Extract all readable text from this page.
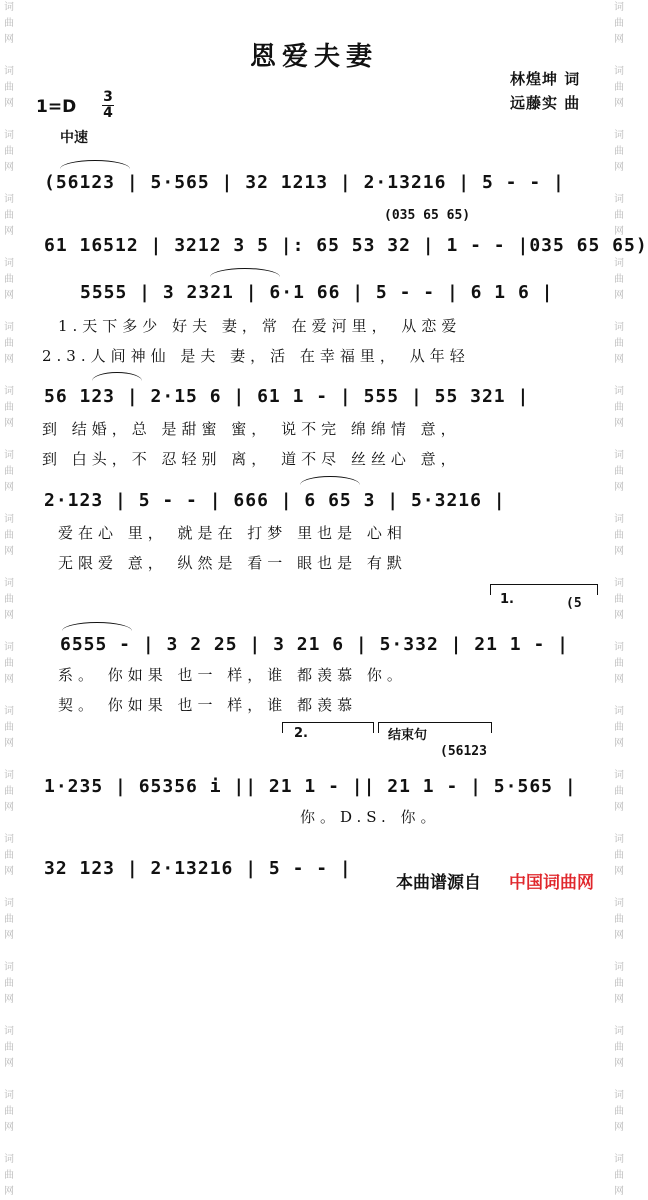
词
曲
网

词
曲
网

词
曲
网

词
曲
网

词
曲
网

词
曲
网

词
曲
网

词
曲
网

词
曲
网

词
曲
网

词
曲
网

词
曲
网

词
曲
网

词
曲
网

词
曲
网

词
曲
网

词
曲
网

词
曲
网

词
曲
网

词
曲
网

词
曲
网

词
曲
网

词
曲
网

词
曲
网

词
曲
网

词
曲
网

词
曲
网

词
曲
网

词
曲
网

词
曲
网

词
曲
网

词
曲
网

词
曲
网

词
曲
网

词
曲
网

词
曲
网

词
曲
网

词
曲
网

恩爱夫妻
林煌坤 词
远藤实 曲
1=D 3
4
中速
(56123 | 5·565 | 32 1213 | 2·13216 | 5 - - |
(035 65 65)
61 16512 | 3212 3 5 |: 65 53 32 | 1 - - |035 65 65)
5555 | 3 2321 | 6·1 66 | 5 - - | 6 1 6 |
1.天下多少 好夫 妻，常 在爱河里， 从恋爱
2.3.人间神仙 是夫 妻，活 在幸福里， 从年轻
56 123 | 2·15 6 | 61 1 - | 555 | 55 321 |
到 结婚，总 是甜蜜 蜜， 说不完 绵绵情 意，
到 白头，不 忍轻别 离， 道不尽 丝丝心 意，
2·123 | 5 - - | 666 | 6 65 3 | 5·3216 |
爱在心 里， 就是在 打梦 里也是 心相
无限爱 意， 纵然是 看一 眼也是 有默
1.	(5
6555 - | 3 2 25 | 3 21 6 | 5·332 | 21 1 - |
系。 你如果 也一 样，谁 都羡慕 你。
契。 你如果 也一 样，谁 都羡慕
2.	结束句
(56123
1·235 | 65356 i || 21 1 - || 21 1 - | 5·565 |
你。D.S. 你。
32 123 | 2·13216 | 5 - - |
本曲谱源自 中国词曲网
